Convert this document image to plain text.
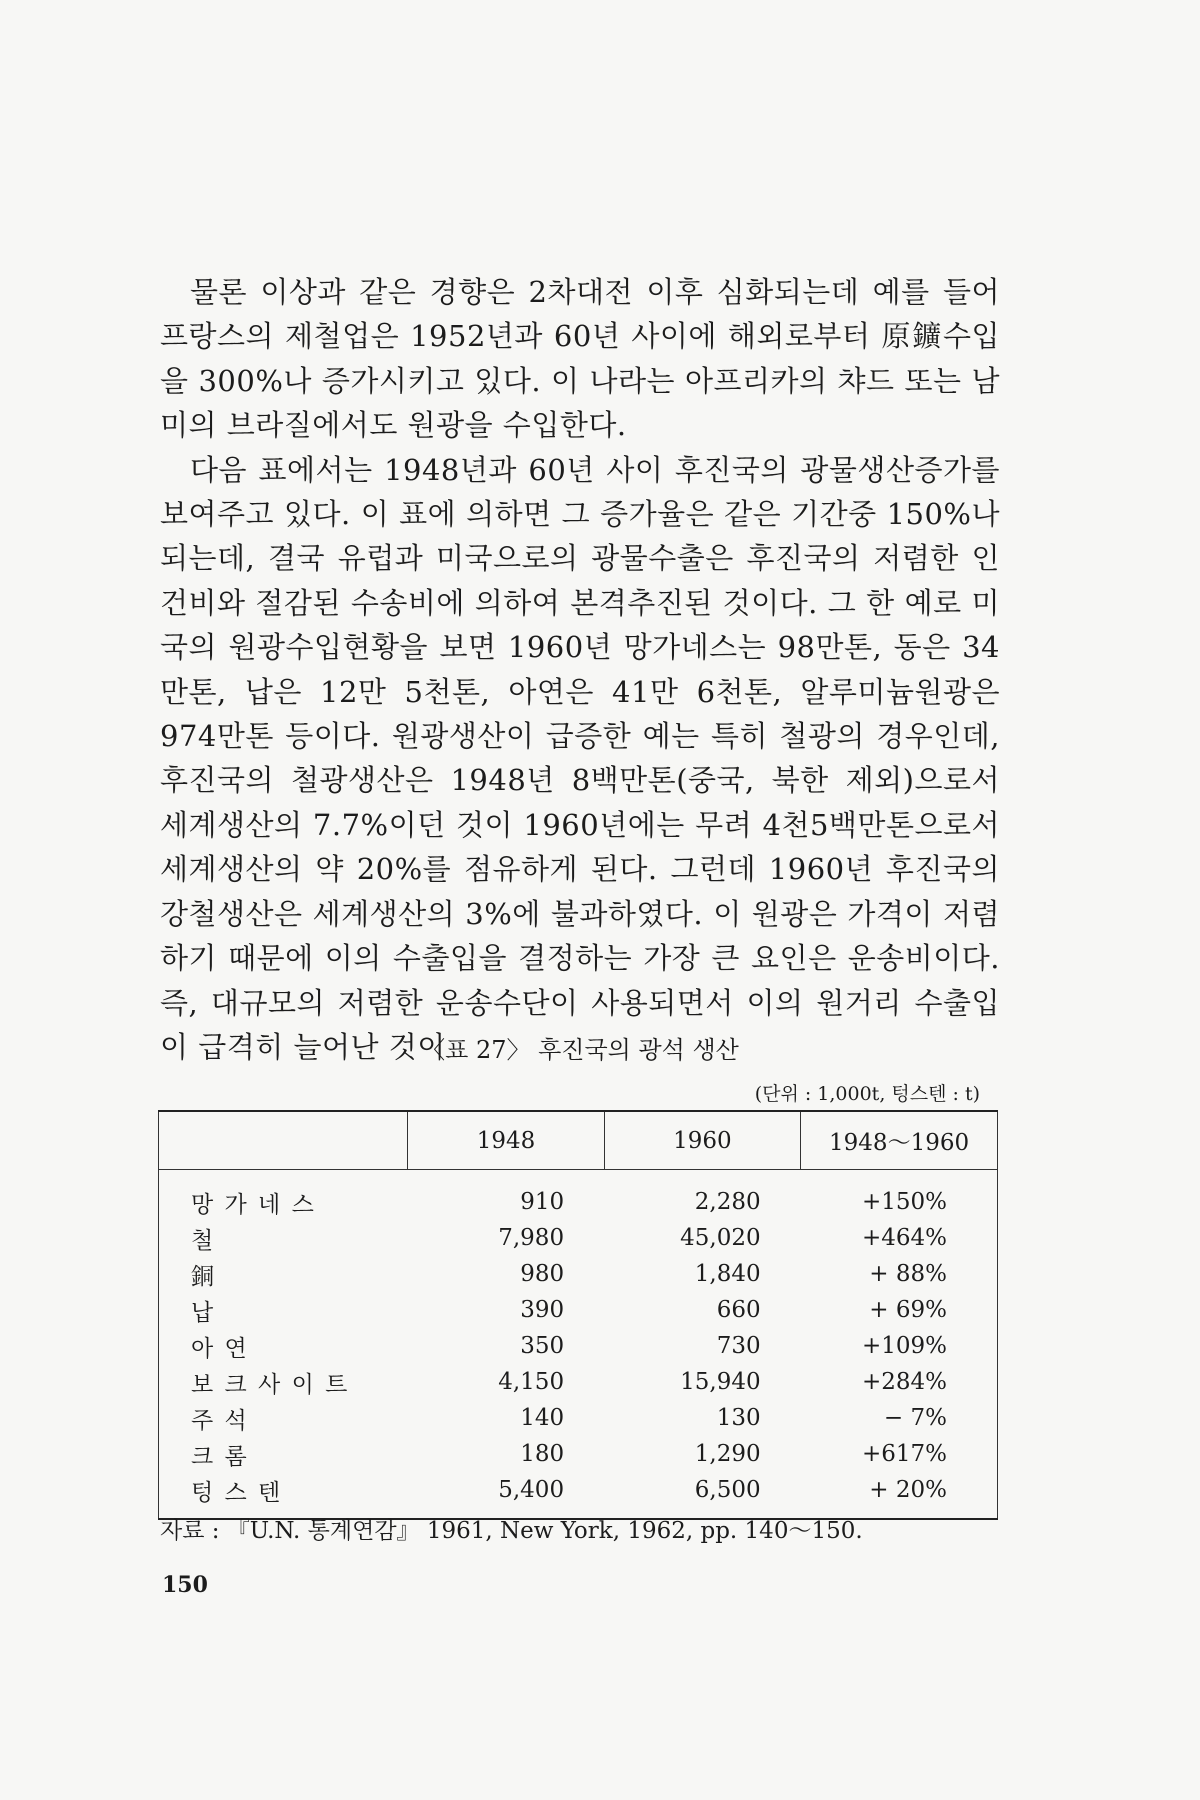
물론 이상과 같은 경향은 2차대전 이후 심화되는데 예를 들어 프랑스의 제철업은 1952년과 60년 사이에 해외로부터 原鑛수입을 300%나 증가시키고 있다. 이 나라는 아프리카의 챠드 또는 남미의 브라질에서도 원광을 수입한다.

다음 표에서는 1948년과 60년 사이 후진국의 광물생산증가를 보여주고 있다. 이 표에 의하면 그 증가율은 같은 기간중 150%나 되는데, 결국 유럽과 미국으로의 광물수출은 후진국의 저렴한 인건비와 절감된 수송비에 의하여 본격추진된 것이다. 그 한 예로 미국의 원광수입현황을 보면 1960년 망가네스는 98만톤, 동은 34만톤, 납은 12만 5천톤, 아연은 41만 6천톤, 알루미늄원광은 974만톤 등이다. 원광생산이 급증한 예는 특히 철광의 경우인데, 후진국의 철광생산은 1948년 8백만톤(중국, 북한 제외)으로서 세계생산의 7.7%이던 것이 1960년에는 무려 4천5백만톤으로서 세계생산의 약 20%를 점유하게 된다. 그런데 1960년 후진국의 강철생산은 세계생산의 3%에 불과하였다. 이 원광은 가격이 저렴하기 때문에 이의 수출입을 결정하는 가장 큰 요인은 운송비이다. 즉, 대규모의 저렴한 운송수단이 사용되면서 이의 원거리 수출입이 급격히 늘어난 것이

〈표 27〉 후진국의 광석 생산
(단위 : 1,000t, 텅스텐 : t)
	1948	1960	1948～1960
망 가 네 스	910	2,280	+150%
철	7,980	45,020	+464%
銅	980	1,840	+ 88%
납	390	660	+ 69%
아 연	350	730	+109%
보 크 사 이 트	4,150	15,940	+284%
주 석	140	130	− 7%
크 롬	180	1,290	+617%
텅 스 텐	5,400	6,500	+ 20%
자료 : 『U.N. 통계연감』 1961, New York, 1962, pp. 140～150.
150
